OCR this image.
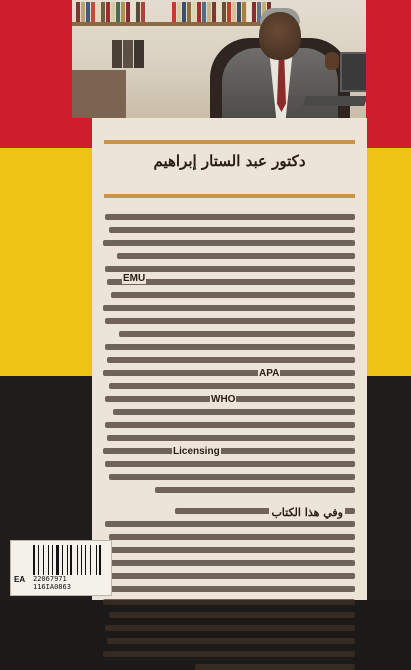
دكتور عبد الستار إبراهيم
EMU
APA
WHO
Licensing
وفي هذا الكتاب
22067971
116IA0863
EA
